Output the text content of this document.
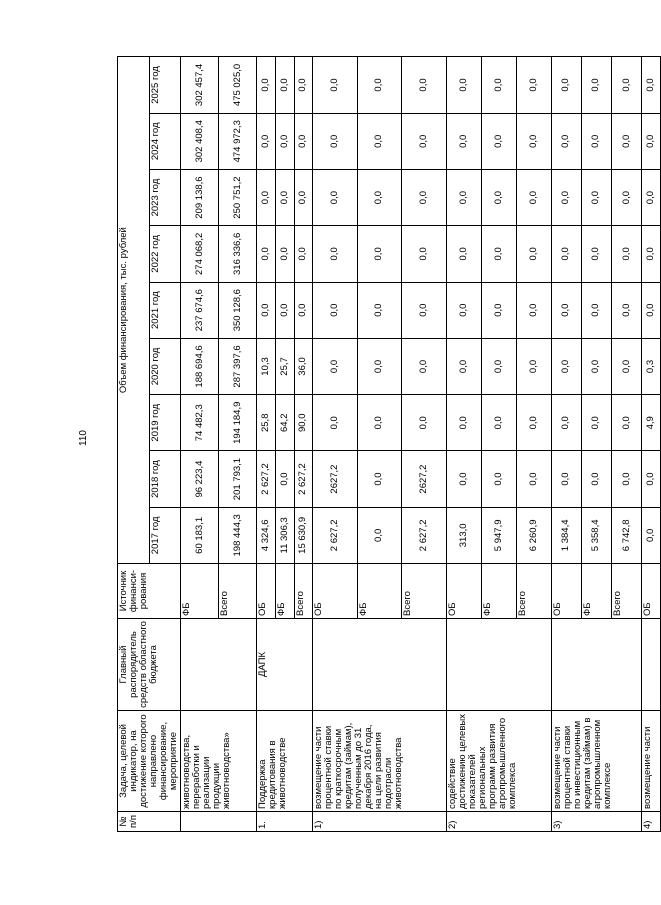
110
№ п/п	Задача, целевой индикатор, на достижение которого направлено финансирование, мероприятие	Главный распорядитель средств областного бюджета	Источник финанси-рования	Объем финансирования, тыс. рублей								
				2017 год	2018 год	2019 год	2020 год	2021 год	2022 год	2023 год	2024 год	2025 год
	животноводства, переработки и реализации продукции животноводства»		ФБ	60 183,1	96 223,4	74 482,3	188 694,6	237 674,6	274 068,2	209 138,6	302 408,4	302 457,4
			Всего	198 444,3	201 793,1	194 184,9	287 397,6	350 128,6	316 336,6	250 751,2	474 972,3	475 025,0
1.	Поддержка кредитования в животноводстве	ДАПК	ОБ	4 324,6	2 627,2	25,8	10,3	0,0	0,0	0,0	0,0	0,0
			ФБ	11 306,3	0,0	64,2	25,7	0,0	0,0	0,0	0,0	0,0
			Всего	15 630,9	2 627,2	90,0	36,0	0,0	0,0	0,0	0,0	0,0
1)	возмещение части процентной ставки по краткосрочным кредитам (займам), полученным до 31 декабря 2016 года, на цели развития подотрасли животноводства		ОБ	2 627,2	2627,2	0,0	0,0	0,0	0,0	0,0	0,0	0,0
			ФБ	0,0	0,0	0,0	0,0	0,0	0,0	0,0	0,0	0,0
			Всего	2 627,2	2627,2	0,0	0,0	0,0	0,0	0,0	0,0	0,0
2)	содействие достижению целевых показателей региональных программ развития агропромышленного комплекса		ОБ	313,0	0,0	0,0	0,0	0,0	0,0	0,0	0,0	0,0
			ФБ	5 947,9	0,0	0,0	0,0	0,0	0,0	0,0	0,0	0,0
			Всего	6 260,9	0,0	0,0	0,0	0,0	0,0	0,0	0,0	0,0
3)	возмещение части процентной ставки по инвестиционным кредитам (займам) в агропромышленном комплексе		ОБ	1 384,4	0,0	0,0	0,0	0,0	0,0	0,0	0,0	0,0
			ФБ	5 358,4	0,0	0,0	0,0	0,0	0,0	0,0	0,0	0,0
			Всего	6 742,8	0,0	0,0	0,0	0,0	0,0	0,0	0,0	0,0
4)	возмещение части		ОБ	0,0	0,0	4,9	0,3	0,0	0,0	0,0	0,0	0,0
